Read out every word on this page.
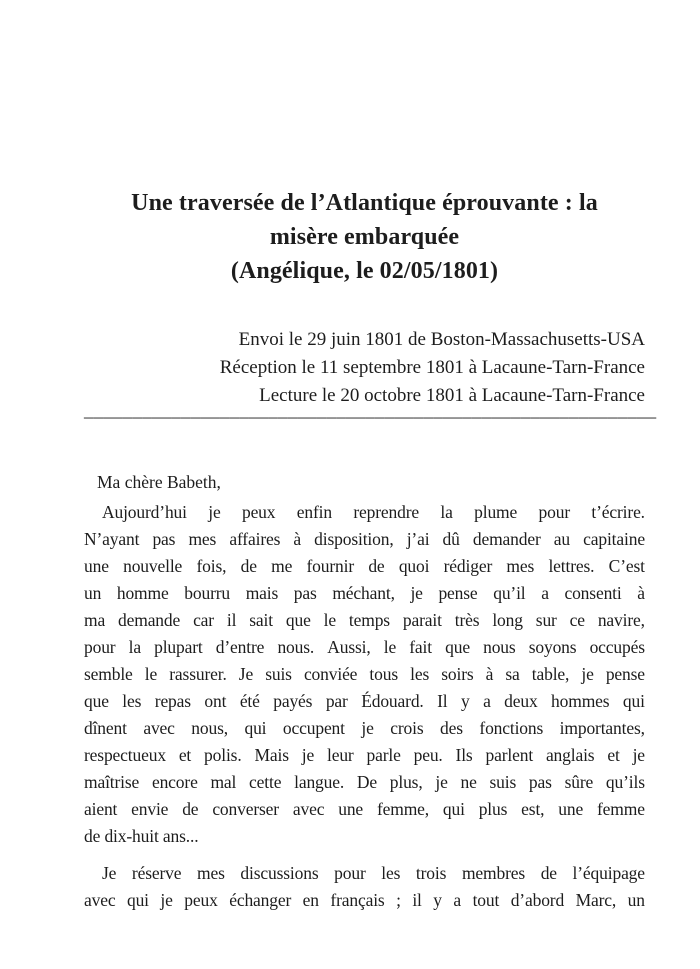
Une traversée de l’Atlantique éprouvante : la
misère embarquée
(Angélique, le 02/05/1801)
Envoi le 29 juin 1801 de Boston-Massachusetts-USA
Réception le 11 septembre 1801 à Lacaune-Tarn-France
Lecture le 20 octobre 1801 à Lacaune-Tarn-France
___________________________________________________________
Ma chère Babeth,
Aujourd’hui je peux enfin reprendre la plume pour t’écrire.
N’ayant pas mes affaires à disposition, j’ai dû demander au capitaine
une nouvelle fois, de me fournir de quoi rédiger mes lettres. C’est
un homme bourru mais pas méchant, je pense qu’il a consenti à
ma demande car il sait que le temps parait très long sur ce navire,
pour la plupart d’entre nous. Aussi, le fait que nous soyons occupés
semble le rassurer. Je suis conviée tous les soirs à sa table, je pense
que les repas ont été payés par Édouard. Il y a deux hommes qui
dînent avec nous, qui occupent je crois des fonctions importantes,
respectueux et polis. Mais je leur parle peu. Ils parlent anglais et je
maîtrise encore mal cette langue. De plus, je ne suis pas sûre qu’ils
aient envie de converser avec une femme, qui plus est, une femme
de dix-huit ans...
Je réserve mes discussions pour les trois membres de l’équipage
avec qui je peux échanger en français ; il y a tout d’abord Marc, un
